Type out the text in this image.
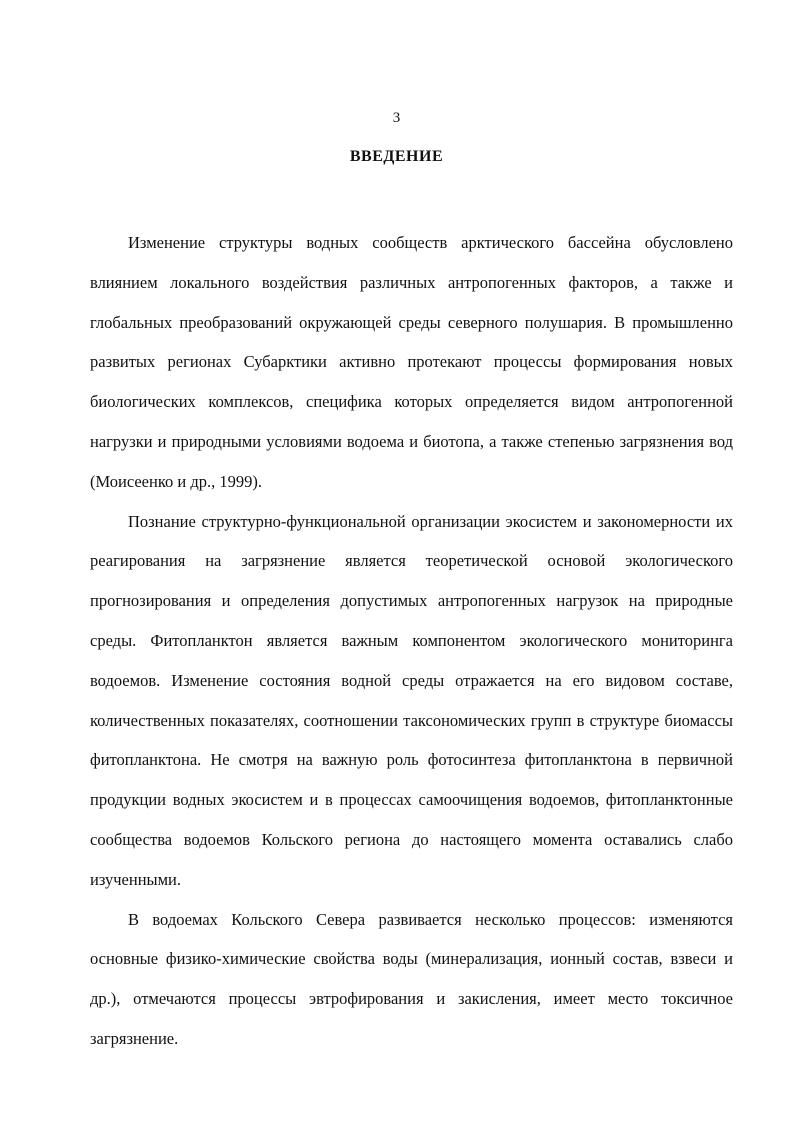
3
ВВЕДЕНИЕ

Изменение структуры водных сообществ арктического бассейна обусловлено влиянием локального воздействия различных антропогенных факторов, а также и глобальных преобразований окружающей среды северного полушария. В промышленно развитых регионах Субарктики активно протекают процессы формирования новых биологических комплексов, специфика которых определяется видом антропогенной нагрузки и природными условиями водоема и биотопа, а также степенью загрязнения вод (Моисеенко и др., 1999).

Познание структурно-функциональной организации экосистем и закономерности их реагирования на загрязнение является теоретической основой экологического прогнозирования и определения допустимых антропогенных нагрузок на природные среды. Фитопланктон является важным компонентом экологического мониторинга водоемов. Изменение состояния водной среды отражается на его видовом составе, количественных показателях, соотношении таксономических групп в структуре биомассы фитопланктона. Не смотря на важную роль фотосинтеза фитопланктона в первичной продукции водных экосистем и в процессах самоочищения водоемов, фитопланктонные сообщества водоемов Кольского региона до настоящего момента оставались слабо изученными.

В водоемах Кольского Севера развивается несколько процессов: изменяются основные физико-химические свойства воды (минерализация, ионный состав, взвеси и др.), отмечаются процессы эвтрофирования и закисления, имеет место токсичное загрязнение.
